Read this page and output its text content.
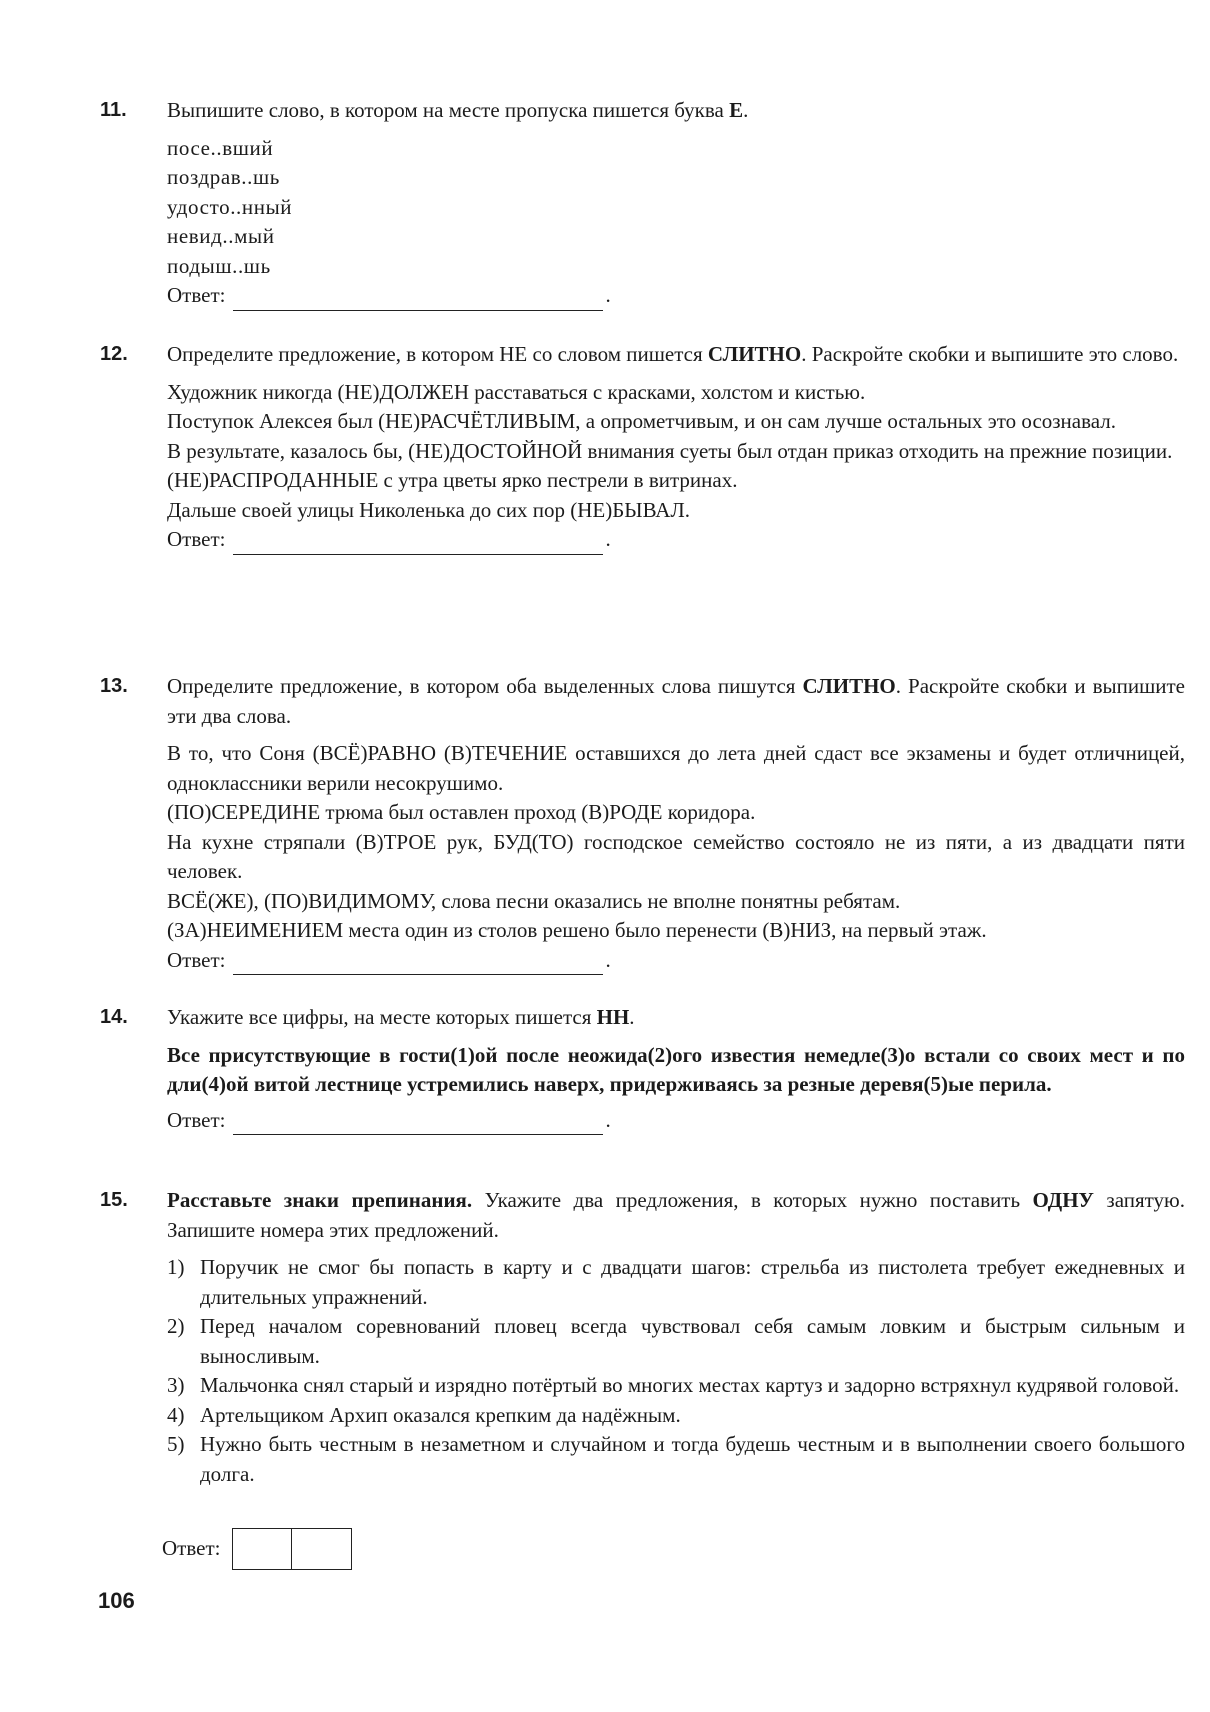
11. Выпишите слово, в котором на месте пропуска пишется буква Е.

посе..вший

поздрав..шь

удосто..нный

невид..мый

подыш..шь

Ответ:	.

12. Определите предложение, в котором НЕ со словом пишется СЛИТНО. Раскройте скобки и выпишите это слово.

Художник никогда (НЕ)ДОЛЖЕН расставаться с красками, холстом и кистью.

Поступок Алексея был (НЕ)РАСЧЁТЛИВЫМ, а опрометчивым, и он сам лучше остальных это осознавал.

В результате, казалось бы, (НЕ)ДОСТОЙНОЙ внимания суеты был отдан приказ отходить на прежние позиции.

(НЕ)РАСПРОДАННЫЕ с утра цветы ярко пестрели в витринах.

Дальше своей улицы Николенька до сих пор (НЕ)БЫВАЛ.

Ответ:	.

13. Определите предложение, в котором оба выделенных слова пишутся СЛИТНО. Раскройте скобки и выпишите эти два слова.

В то, что Соня (ВСЁ)РАВНО (В)ТЕЧЕНИЕ оставшихся до лета дней сдаст все экзамены и будет отличницей, одноклассники верили несокрушимо.

(ПО)СЕРЕДИНЕ трюма был оставлен проход (В)РОДЕ коридора.

На кухне стряпали (В)ТРОЕ рук, БУД(ТО) господское семейство состояло не из пяти, а из двадцати пяти человек.

ВСЁ(ЖЕ), (ПО)ВИДИМОМУ, слова песни оказались не вполне понятны ребятам.

(ЗА)НЕИМЕНИЕМ места один из столов решено было перенести (В)НИЗ, на первый этаж.

Ответ:	.

14. Укажите все цифры, на месте которых пишется НН.

Все присутствующие в гости(1)ой после неожида(2)ого известия немедле(3)о встали со своих мест и по дли(4)ой витой лестнице устремились наверх, придерживаясь за резные деревя(5)ые перила.

Ответ:	.

15. Расставьте знаки препинания. Укажите два предложения, в которых нужно поставить ОДНУ запятую. Запишите номера этих предложений.

1) Поручик не смог бы попасть в карту и с двадцати шагов: стрельба из пистолета требует ежедневных и длительных упражнений.
2) Перед началом соревнований пловец всегда чувствовал себя самым ловким и быстрым сильным и выносливым.
3) Мальчонка снял старый и изрядно потёртый во многих местах картуз и задорно встряхнул кудрявой головой.
4) Артельщиком Архип оказался крепким да надёжным.
5) Нужно быть честным в незаметном и случайном и тогда будешь честным и в выполнении своего большого долга.
Ответ:
106
